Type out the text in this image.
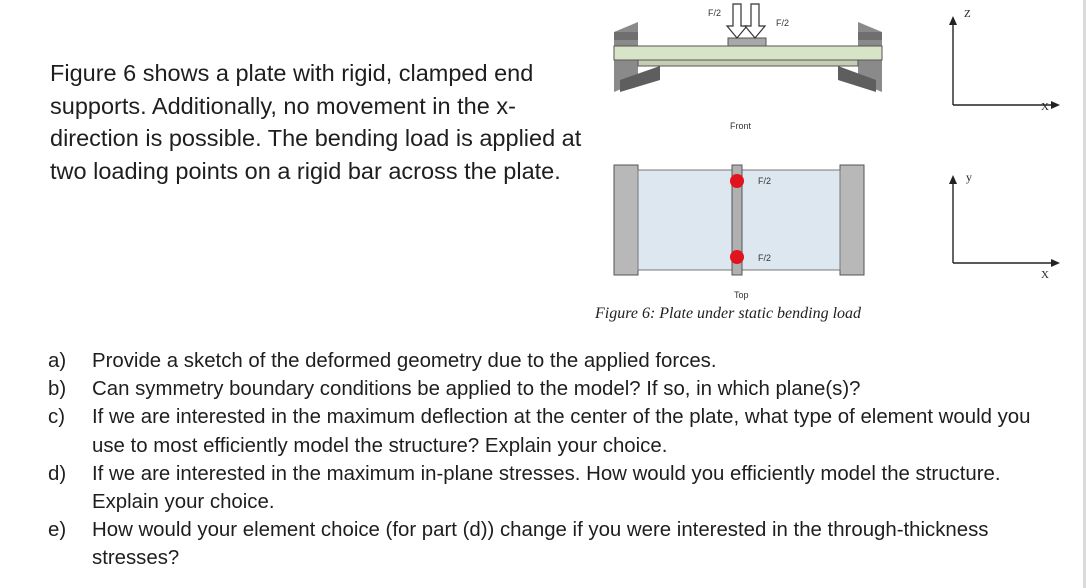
Figure 6 shows a plate with rigid, clamped end supports. Additionally, no movement in the x-direction is possible. The bending load is applied at two loading points on a rigid bar across the plate.

F/2
F/2
Front
Z
X
F/2
F/2
Top
y
X
Figure 6: Plate under static bending load
a) Provide a sketch of the deformed geometry due to the applied forces.
b) Can symmetry boundary conditions be applied to the model? If so, in which plane(s)?
c) If we are interested in the maximum deflection at the center of the plate, what type of element would you use to most efficiently model the structure? Explain your choice.
d) If we are interested in the maximum in-plane stresses. How would you efficiently model the structure. Explain your choice.
e) How would your element choice (for part (d)) change if you were interested in the through-thickness stresses?
